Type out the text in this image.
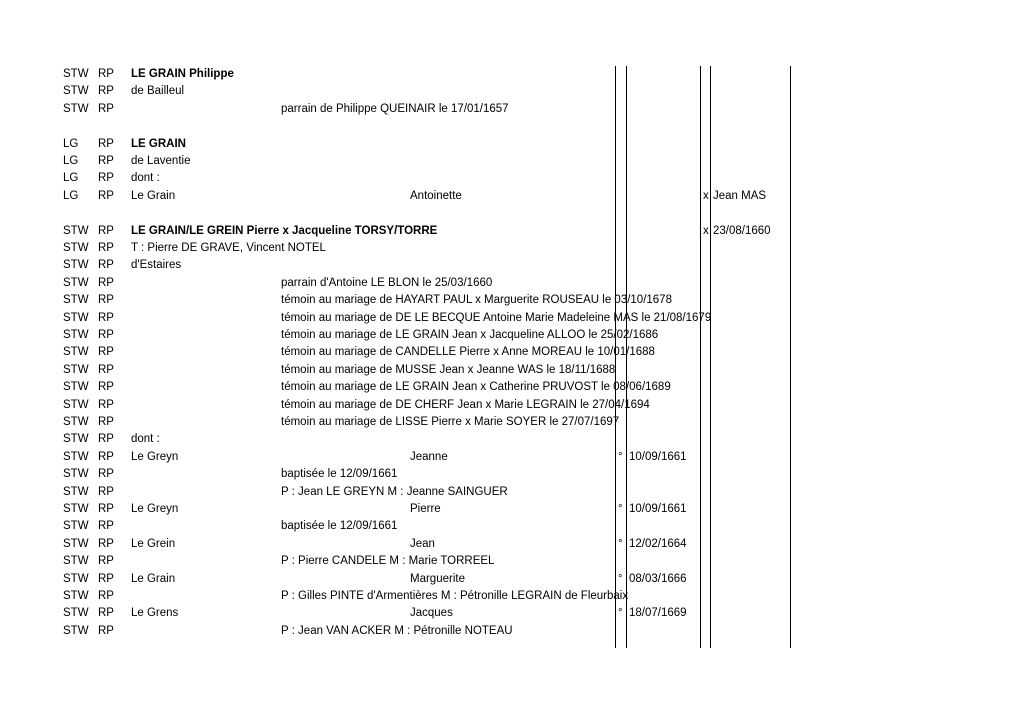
STW RP LE GRAIN Philippe
STW RP de Bailleul
STW RP	parrain de Philippe QUEINAIR le 17/01/1657
LG RP LE GRAIN
LG RP de Laventie
LG RP dont :
LG RP Le Grain	Antoinette	x Jean MAS
STW RP LE GRAIN/LE GREIN Pierre x Jacqueline TORSY/TORRE	x 23/08/1660
STW RP T : Pierre DE GRAVE, Vincent NOTEL
STW RP d'Estaires
STW RP	parrain d'Antoine LE BLON le 25/03/1660
STW RP	témoin au mariage de HAYART PAUL x Marguerite ROUSEAU le 03/10/1678
STW RP	témoin au mariage de DE LE BECQUE Antoine Marie Madeleine MAS le 21/08/1679
STW RP	témoin au mariage de LE GRAIN Jean x Jacqueline ALLOO le 25/02/1686
STW RP	témoin au mariage de CANDELLE Pierre x Anne MOREAU le 10/01/1688
STW RP	témoin au mariage de MUSSE Jean x Jeanne WAS le 18/11/1688
STW RP	témoin au mariage de LE GRAIN Jean x Catherine PRUVOST le 08/06/1689
STW RP	témoin au mariage de DE CHERF Jean x Marie LEGRAIN le 27/04/1694
STW RP	témoin au mariage de LISSE Pierre x Marie SOYER le 27/07/1697
STW RP dont :
STW RP Le Greyn	Jeanne	° 10/09/1661
STW RP	baptisée le 12/09/1661
STW RP	P : Jean LE GREYN M : Jeanne SAINGUER
STW RP Le Greyn	Pierre	° 10/09/1661
STW RP	baptisée le 12/09/1661
STW RP Le Grein	Jean	° 12/02/1664
STW RP	P : Pierre CANDELE M : Marie TORREEL
STW RP Le Grain	Marguerite	° 08/03/1666
STW RP	P : Gilles PINTE d'Armentières M : Pétronille LEGRAIN de Fleurbaix
STW RP Le Grens	Jacques	° 18/07/1669
STW RP	P : Jean VAN ACKER M : Pétronille NOTEAU
